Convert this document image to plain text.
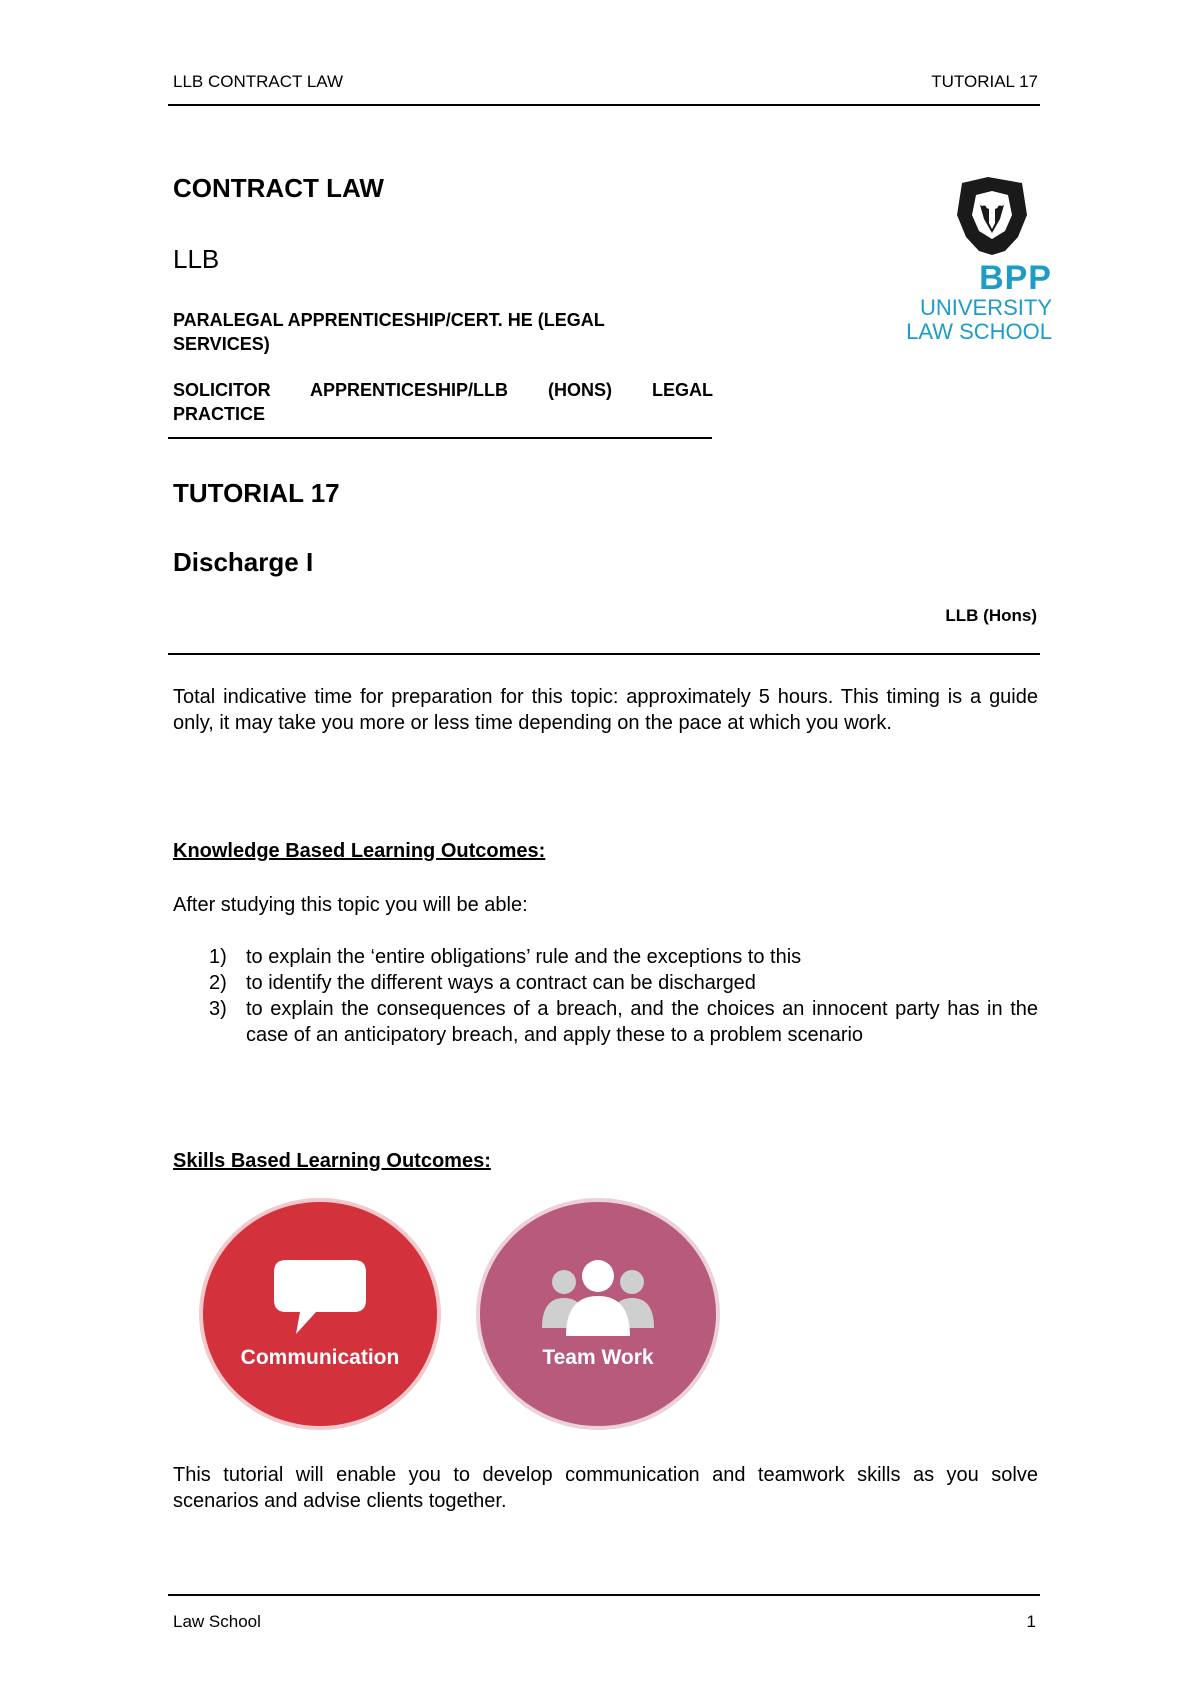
LLB CONTRACT LAW	TUTORIAL 17
CONTRACT LAW
LLB
PARALEGAL APPRENTICESHIP/CERT. HE (LEGAL
SERVICES)
SOLICITOR APPRENTICESHIP/LLB (HONS) LEGAL
PRACTICE
BPP
UNIVERSITY
LAW SCHOOL
TUTORIAL 17
Discharge I
LLB (Hons)
Total indicative time for preparation for this topic: approximately 5 hours. This timing is a guide only, it may take you more or less time depending on the pace at which you work.
Knowledge Based Learning Outcomes:
After studying this topic you will be able:
1) to explain the ‘entire obligations’ rule and the exceptions to this
2) to identify the different ways a contract can be discharged
3) to explain the consequences of a breach, and the choices an innocent party has in the case of an anticipatory breach, and apply these to a problem scenario
Skills Based Learning Outcomes:
Communication	Team Work
This tutorial will enable you to develop communication and teamwork skills as you solve scenarios and advise clients together.
Law School	1
